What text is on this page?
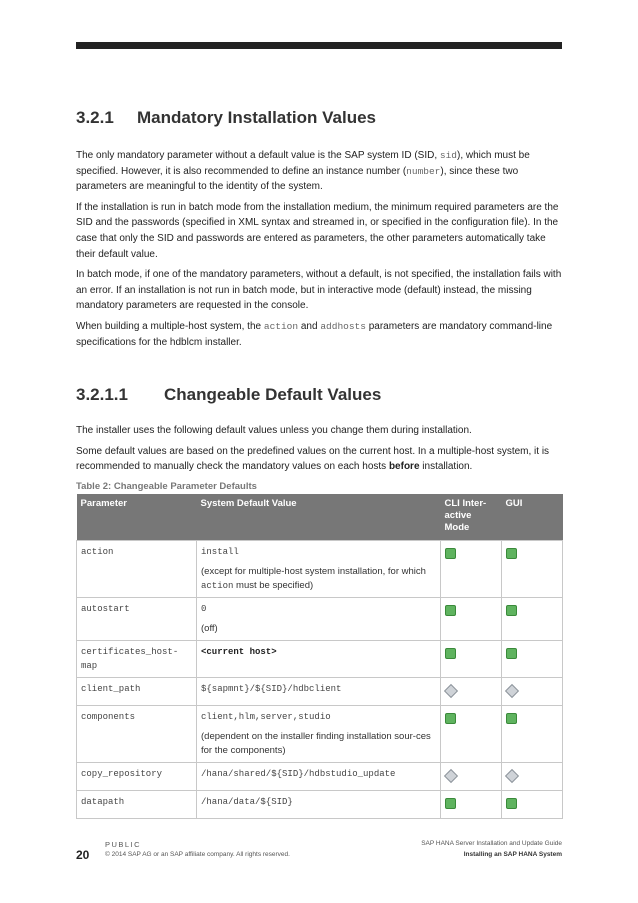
3.2.1	Mandatory Installation Values

The only mandatory parameter without a default value is the SAP system ID (SID, sid), which must be specified. However, it is also recommended to define an instance number (number), since these two parameters are meaningful to the identity of the system.

If the installation is run in batch mode from the installation medium, the minimum required parameters are the SID and the passwords (specified in XML syntax and streamed in, or specified in the configuration file). In the case that only the SID and passwords are entered as parameters, the other parameters automatically take their default value.

In batch mode, if one of the mandatory parameters, without a default, is not specified, the installation fails with an error. If an installation is not run in batch mode, but in interactive mode (default) instead, the missing mandatory parameters are requested in the console.

When building a multiple-host system, the action and addhosts parameters are mandatory command-line specifications for the hdblcm installer.

3.2.1.1	Changeable Default Values

The installer uses the following default values unless you change them during installation.

Some default values are based on the predefined values on the current host. In a multiple-host system, it is recommended to manually check the mandatory values on each hosts before installation.

Table 2: Changeable Parameter Defaults
Parameter	System Default Value	CLI Inter-
active
Mode	GUI
action	install
(except for multiple-host system installation, for which action must be specified)		

autostart	0
(off)		

certificates_host-
map	<current host>		
client_path	${sapmnt}/${SID}/hdbclient		
components	client,hlm,server,studio
(dependent on the installer finding installation sour-ces for the components)		

copy_repository	/hana/shared/${SID}/hdbstudio_update		
datapath	/hana/data/${SID}		
20
PUBLIC
© 2014 SAP AG or an SAP affiliate company. All rights reserved.
SAP HANA Server Installation and Update Guide
Installing an SAP HANA System
